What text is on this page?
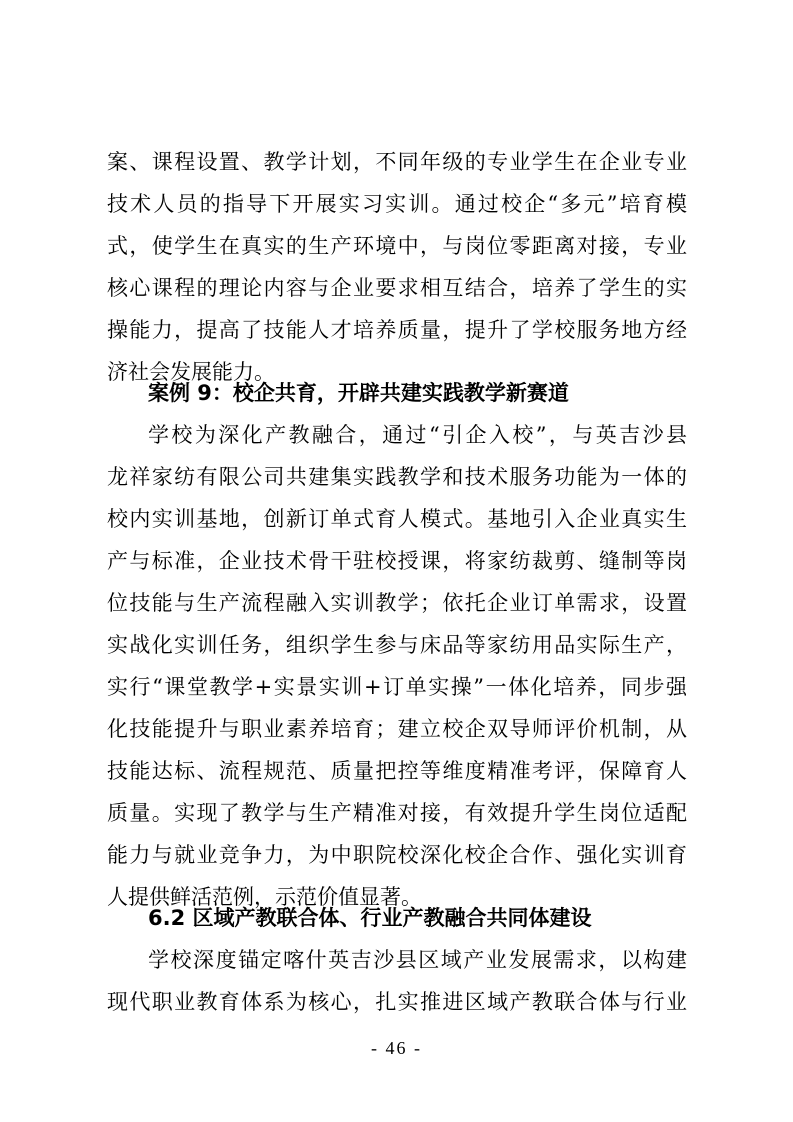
案、课程设置、教学计划，不同年级的专业学生在企业专业
技术人员的指导下开展实习实训。通过校企“多元”培育模
式，使学生在真实的生产环境中，与岗位零距离对接，专业
核心课程的理论内容与企业要求相互结合，培养了学生的实
操能力，提高了技能人才培养质量，提升了学校服务地方经
济社会发展能力。
案例 9：校企共育，开辟共建实践教学新赛道
学校为深化产教融合，通过“引企入校”，与英吉沙县
龙祥家纺有限公司共建集实践教学和技术服务功能为一体的
校内实训基地，创新订单式育人模式。基地引入企业真实生
产与标准，企业技术骨干驻校授课，将家纺裁剪、缝制等岗
位技能与生产流程融入实训教学；依托企业订单需求，设置
实战化实训任务，组织学生参与床品等家纺用品实际生产，
实行“课堂教学+实景实训+订单实操”一体化培养，同步强
化技能提升与职业素养培育；建立校企双导师评价机制，从
技能达标、流程规范、质量把控等维度精准考评，保障育人
质量。实现了教学与生产精准对接，有效提升学生岗位适配
能力与就业竞争力，为中职院校深化校企合作、强化实训育
人提供鲜活范例，示范价值显著。
6.2 区域产教联合体、行业产教融合共同体建设
学校深度锚定喀什英吉沙县区域产业发展需求，以构建
现代职业教育体系为核心，扎实推进区域产教联合体与行业
- 46 -
